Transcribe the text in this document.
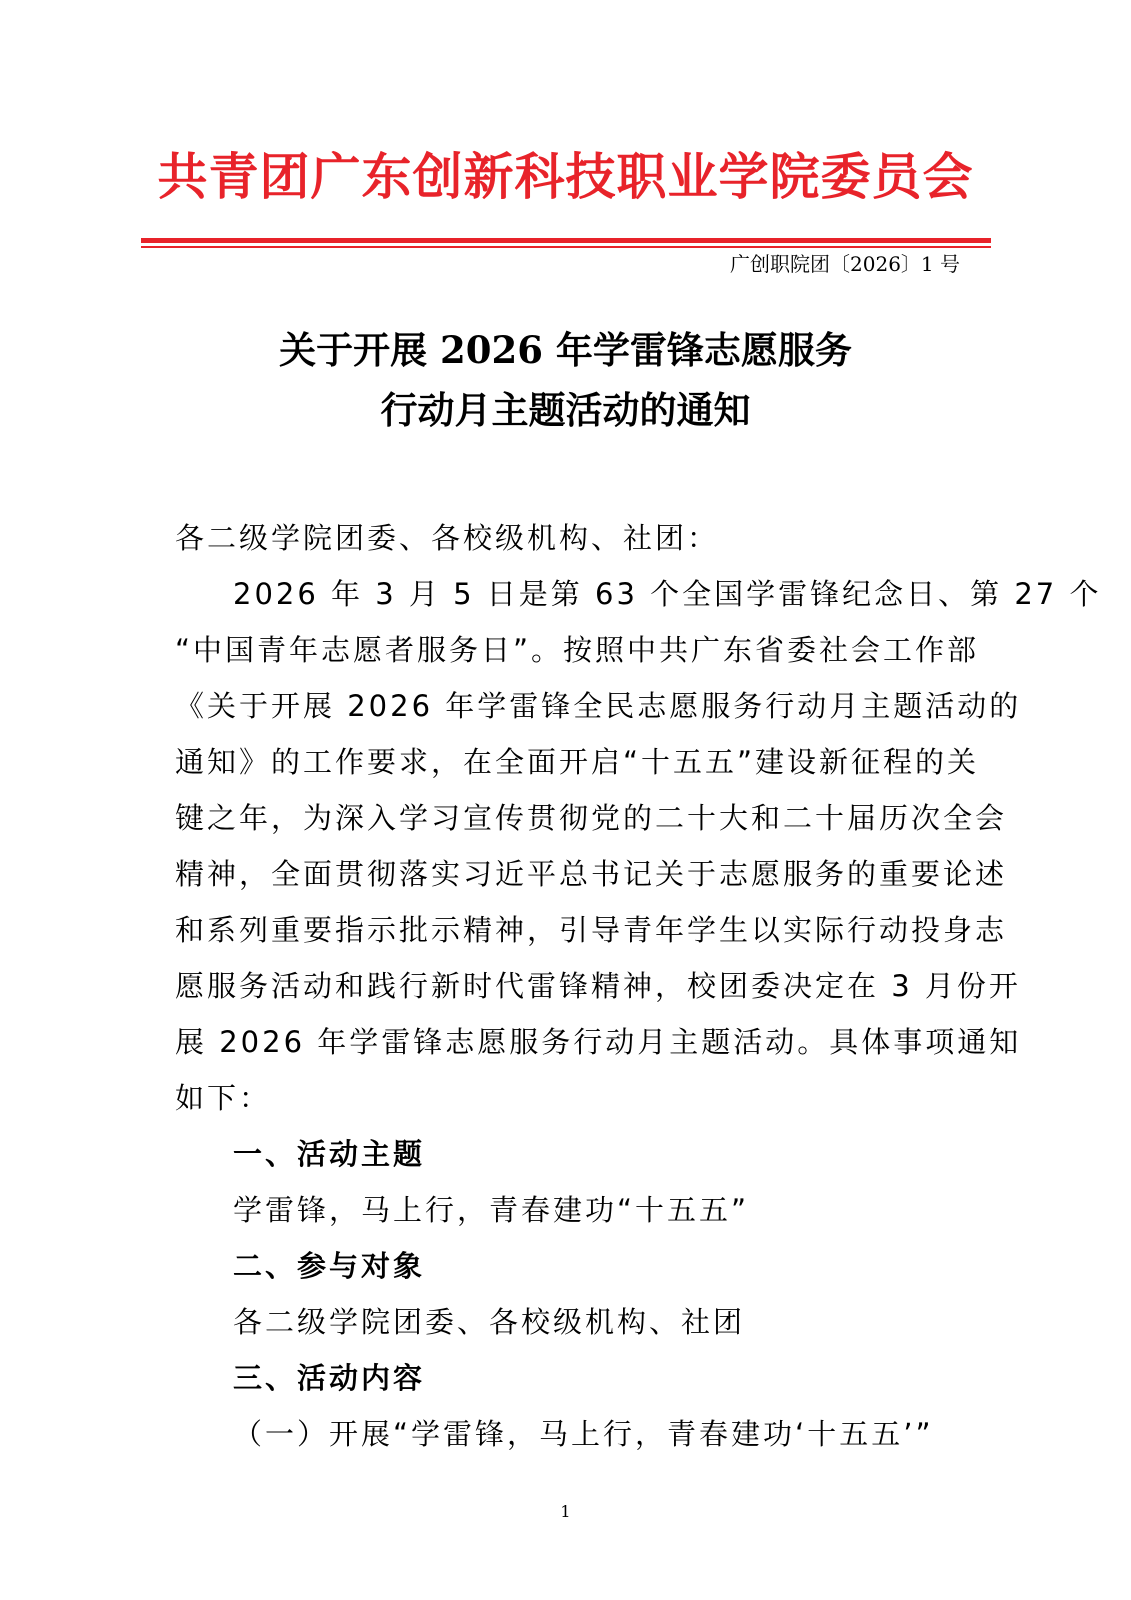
共青团广东创新科技职业学院委员会
广创职院团〔2026〕1 号
关于开展 2026 年学雷锋志愿服务
行动月主题活动的通知
各二级学院团委、各校级机构、社团：
2026 年 3 月 5 日是第 63 个全国学雷锋纪念日、第 27 个
“中国青年志愿者服务日”。按照中共广东省委社会工作部
《关于开展 2026 年学雷锋全民志愿服务行动月主题活动的
通知》的工作要求，在全面开启“十五五”建设新征程的关
键之年，为深入学习宣传贯彻党的二十大和二十届历次全会
精神，全面贯彻落实习近平总书记关于志愿服务的重要论述
和系列重要指示批示精神，引导青年学生以实际行动投身志
愿服务活动和践行新时代雷锋精神，校团委决定在 3 月份开
展 2026 年学雷锋志愿服务行动月主题活动。具体事项通知
如下：
一、活动主题
学雷锋，马上行，青春建功“十五五”
二、参与对象
各二级学院团委、各校级机构、社团
三、活动内容
（一）开展“学雷锋，马上行，青春建功‘十五五’”
1
